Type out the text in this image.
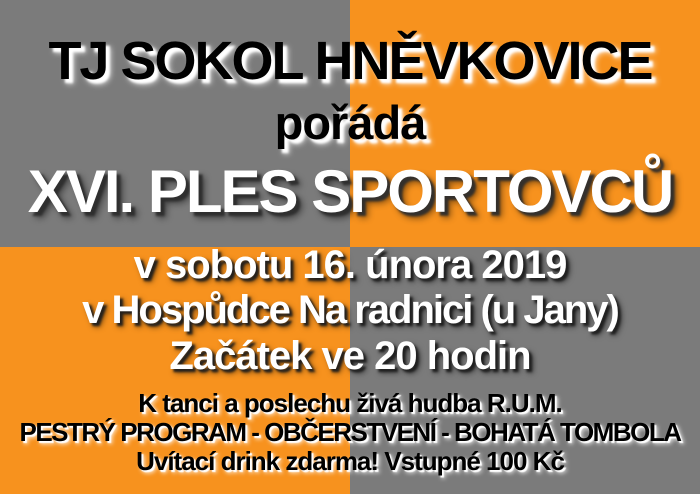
TJ SOKOL HNĚVKOVICE
pořádá
XVI. PLES SPORTOVCŮ
v sobotu 16. února 2019
v Hospůdce Na radnici (u Jany)
Začátek ve 20 hodin
K tanci a poslechu živá hudba R.U.M.
PESTRÝ PROGRAM - OBČERSTVENÍ - BOHATÁ TOMBOLA
Uvítací drink zdarma! Vstupné 100 Kč
